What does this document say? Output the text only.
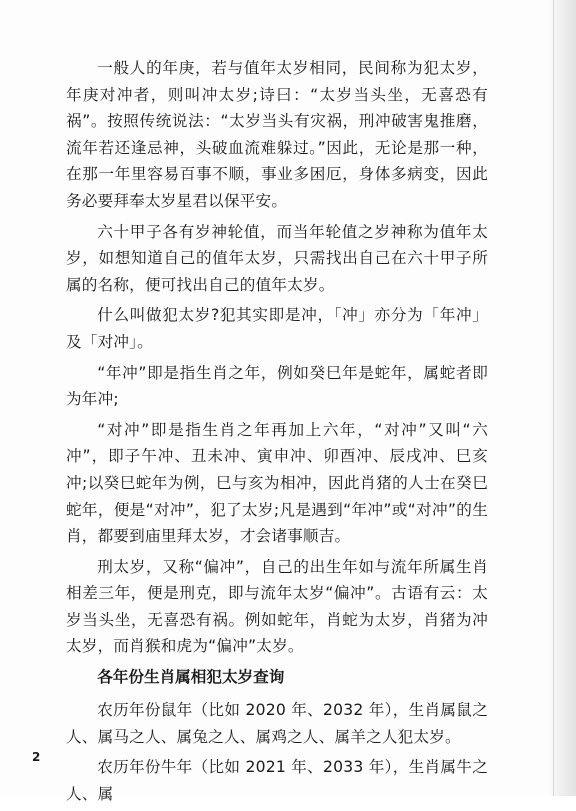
一般人的年庚，若与值年太岁相同，民间称为犯太岁，年庚对冲者，则叫冲太岁;诗曰：“太岁当头坐，无喜恐有祸”。按照传统说法：“太岁当头有灾祸，刑冲破害鬼推磨，流年若还逢忌神，头破血流难躲过。”因此，无论是那一种，在那一年里容易百事不顺，事业多困厄，身体多病变，因此务必要拜奉太岁星君以保平安。

六十甲子各有岁神轮值，而当年轮值之岁神称为值年太岁，如想知道自己的值年太岁，只需找出自己在六十甲子所属的名称，便可找出自己的值年太岁。

什么叫做犯太岁?犯其实即是冲，「冲」亦分为「年冲」及「对冲」。

“年冲”即是指生肖之年，例如癸巳年是蛇年，属蛇者即为年冲;

“对冲”即是指生肖之年再加上六年，“对冲”又叫“六冲”，即子午冲、丑未冲、寅申冲、卯酉冲、辰戌冲、巳亥冲;以癸巳蛇年为例，巳与亥为相冲，因此肖猪的人士在癸巳蛇年，便是“对冲”，犯了太岁;凡是遇到“年冲”或“对冲”的生肖，都要到庙里拜太岁，才会诸事顺吉。

刑太岁，又称“偏冲”，自己的出生年如与流年所属生肖相差三年，便是刑克，即与流年太岁“偏冲”。古语有云：太岁当头坐，无喜恐有祸。例如蛇年，肖蛇为太岁，肖猪为冲太岁，而肖猴和虎为“偏冲”太岁。

各年份生肖属相犯太岁查询

农历年份鼠年（比如 2020 年、2032 年），生肖属鼠之人、属马之人、属兔之人、属鸡之人、属羊之人犯太岁。

农历年份牛年（比如 2021 年、2033 年），生肖属牛之人、属

2
